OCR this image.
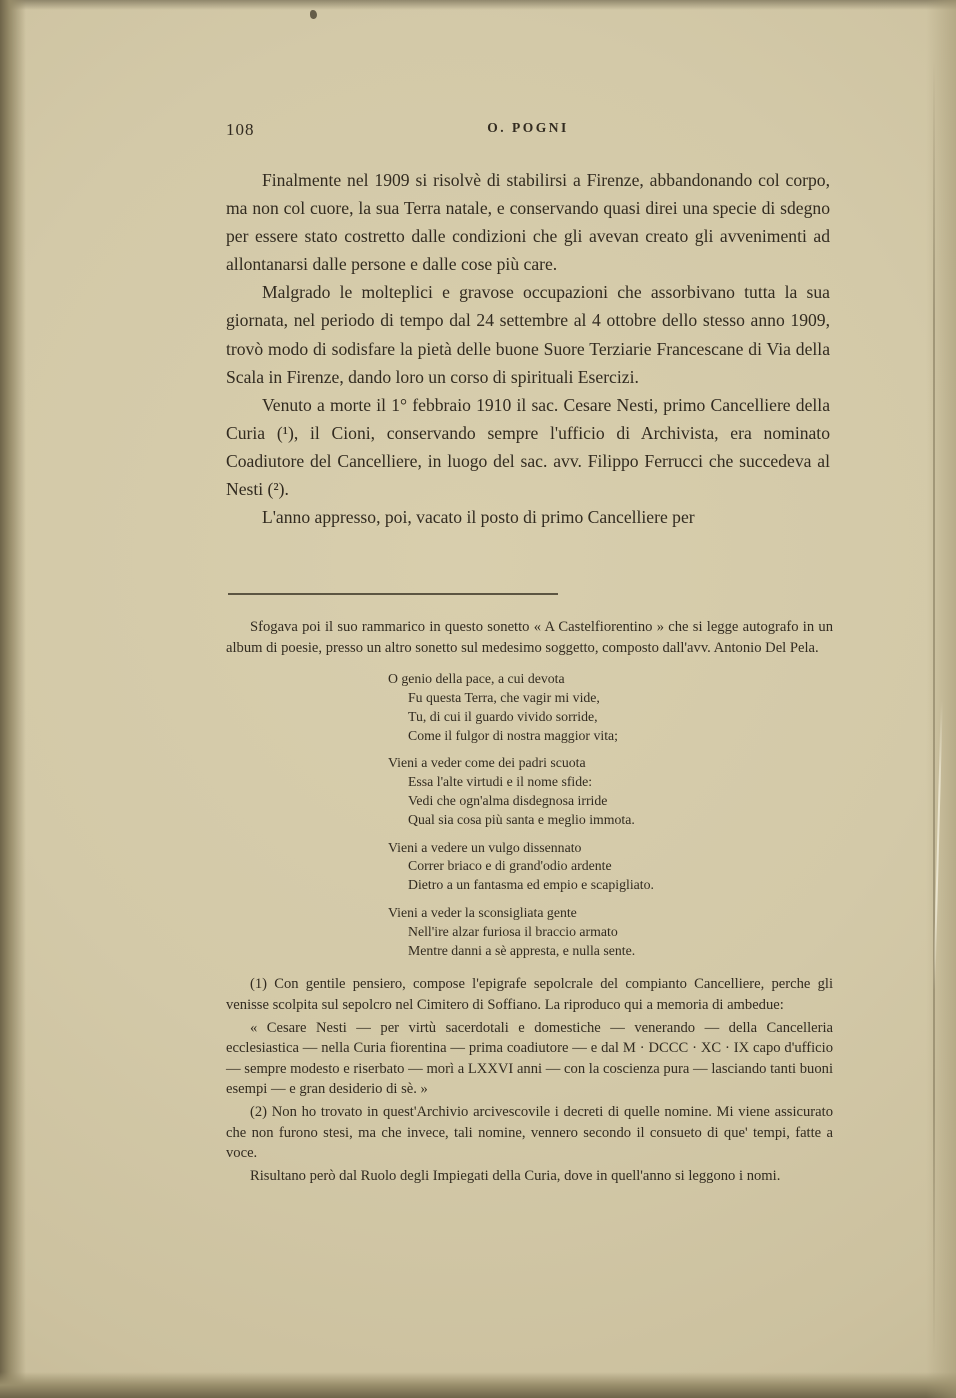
108	O. POGNI

Finalmente nel 1909 si risolvè di stabilirsi a Firenze, abbandonando col corpo, ma non col cuore, la sua Terra natale, e conservando quasi direi una specie di sdegno per essere stato costretto dalle condizioni che gli avevan creato gli avvenimenti ad allontanarsi dalle persone e dalle cose più care.

Malgrado le molteplici e gravose occupazioni che assorbivano tutta la sua giornata, nel periodo di tempo dal 24 settembre al 4 ottobre dello stesso anno 1909, trovò modo di sodisfare la pietà delle buone Suore Terziarie Francescane di Via della Scala in Firenze, dando loro un corso di spirituali Esercizi.

Venuto a morte il 1° febbraio 1910 il sac. Cesare Nesti, primo Cancelliere della Curia (¹), il Cioni, conservando sempre l'ufficio di Archivista, era nominato Coadiutore del Cancelliere, in luogo del sac. avv. Filippo Ferrucci che succedeva al Nesti (²).

L'anno appresso, poi, vacato il posto di primo Cancelliere per

Sfogava poi il suo rammarico in questo sonetto « A Castelfiorentino » che si legge autografo in un album di poesie, presso un altro sonetto sul medesimo soggetto, composto dall'avv. Antonio Del Pela.

O genio della pace, a cui devota
Fu questa Terra, che vagir mi vide,
Tu, di cui il guardo vivido sorride,
Come il fulgor di nostra maggior vita;
Vieni a veder come dei padri scuota
Essa l'alte virtudi e il nome sfide:
Vedi che ogn'alma disdegnosa irride
Qual sia cosa più santa e meglio immota.
Vieni a vedere un vulgo dissennato
Correr briaco e di grand'odio ardente
Dietro a un fantasma ed empio e scapigliato.
Vieni a veder la sconsigliata gente
Nell'ire alzar furiosa il braccio armato
Mentre danni a sè appresta, e nulla sente.

(1) Con gentile pensiero, compose l'epigrafe sepolcrale del compianto Cancelliere, perche gli venisse scolpita sul sepolcro nel Cimitero di Soffiano. La riproduco qui a memoria di ambedue:

« Cesare Nesti — per virtù sacerdotali e domestiche — venerando — della Cancelleria ecclesiastica — nella Curia fiorentina — prima coadiutore — e dal M · DCCC · XC · IX capo d'ufficio — sempre modesto e riserbato — morì a LXXVI anni — con la coscienza pura — lasciando tanti buoni esempi — e gran desiderio di sè. »

(2) Non ho trovato in quest'Archivio arcivescovile i decreti di quelle nomine. Mi viene assicurato che non furono stesi, ma che invece, tali nomine, vennero secondo il consueto di que' tempi, fatte a voce.

Risultano però dal Ruolo degli Impiegati della Curia, dove in quell'anno si leggono i nomi.
